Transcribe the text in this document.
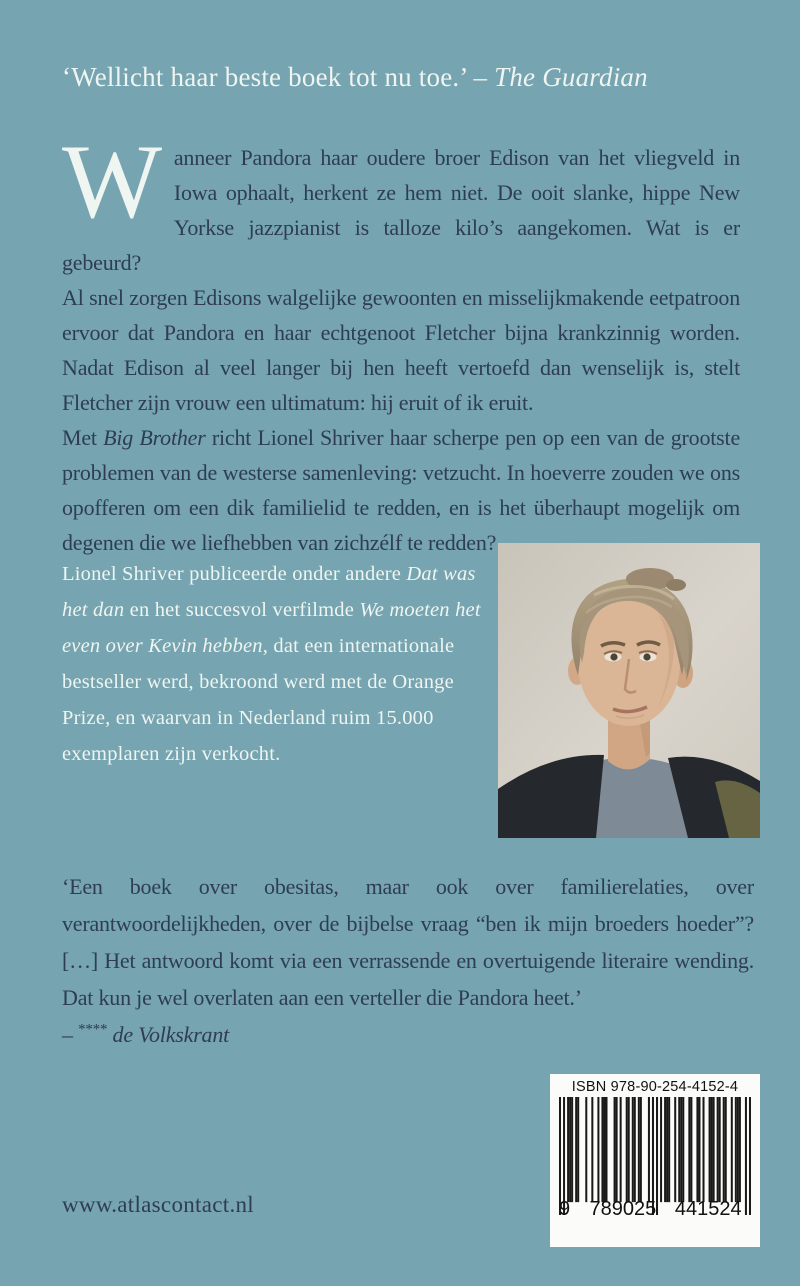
‘Wellicht haar beste boek tot nu toe.’ – The Guardian

Wanneer Pandora haar oudere broer Edison van het vliegveld in Iowa ophaalt, herkent ze hem niet. De ooit slanke, hippe New Yorkse jazzpianist is talloze kilo’s aangekomen. Wat is er gebeurd?

Al snel zorgen Edisons walgelijke gewoonten en misselijkmakende eetpatroon ervoor dat Pandora en haar echtgenoot Fletcher bijna krankzinnig worden. Nadat Edison al veel langer bij hen heeft vertoefd dan wenselijk is, stelt Fletcher zijn vrouw een ultimatum: hij eruit of ik eruit.

Met Big Brother richt Lionel Shriver haar scherpe pen op een van de grootste problemen van de westerse samenleving: vetzucht. In hoeverre zouden we ons opofferen om een dik familielid te redden, en is het überhaupt mogelijk om degenen die we liefhebben van zichzélf te redden?

Lionel Shriver publiceerde onder andere Dat was het dan en het succesvol verfilmde We moeten het even over Kevin hebben, dat een internationale bestseller werd, bekroond werd met de Orange Prize, en waarvan in Nederland ruim 15.000 exemplaren zijn verkocht.

‘Een boek over obesitas, maar ook over familierelaties, over verantwoordelijkheden, over de bijbelse vraag “ben ik mijn broeders hoeder”? […] Het antwoord komt via een verrassende en overtuigende literaire wending. Dat kun je wel overlaten aan een verteller die Pandora heet.’

– **** de Volkskrant

www.atlascontact.nl
ISBN 978-90-254-4152-4
9 789025 441524
